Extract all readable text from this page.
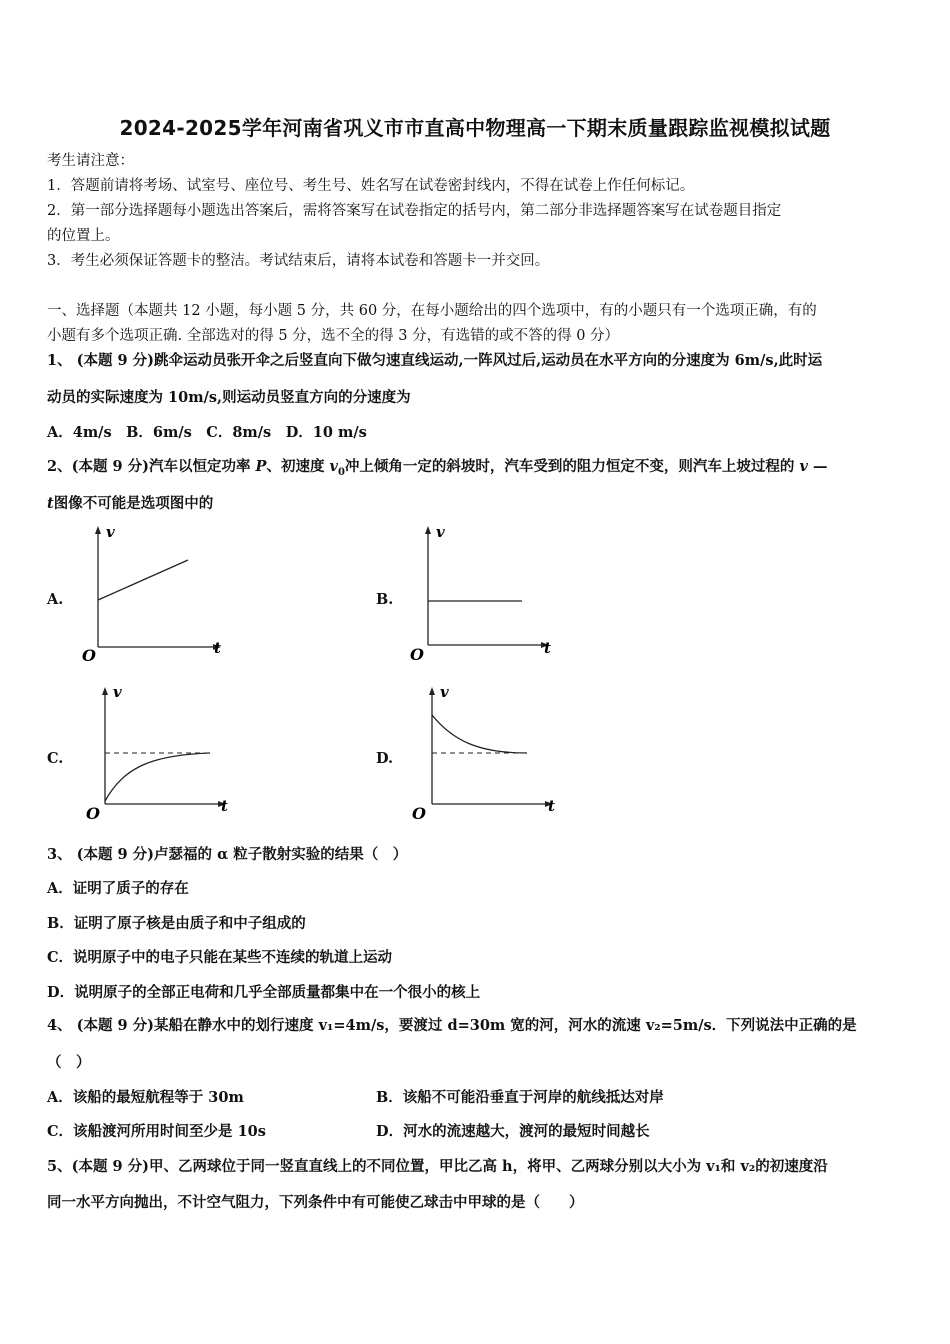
2024-2025学年河南省巩义市市直高中物理高一下期末质量跟踪监视模拟试题
考生请注意：
1．答题前请将考场、试室号、座位号、考生号、姓名写在试卷密封线内，不得在试卷上作任何标记。
2．第一部分选择题每小题选出答案后，需将答案写在试卷指定的括号内，第二部分非选择题答案写在试卷题目指定
的位置上。
3．考生必须保证答题卡的整洁。考试结束后，请将本试卷和答题卡一并交回。
一、选择题（本题共 12 小题，每小题 5 分，共 60 分，在每小题给出的四个选项中，有的小题只有一个选项正确，有的
小题有多个选项正确. 全部选对的得 5 分，选不全的得 3 分，有选错的或不答的得 0 分）
1、 (本题 9 分)跳伞运动员张开伞之后竖直向下做匀速直线运动,一阵风过后,运动员在水平方向的分速度为 6m/s,此时运
动员的实际速度为 10m/s,则运动员竖直方向的分速度为
A．4m/s　B．6m/s　C．8m/s　D．10 m/s
2、(本题 9 分)汽车以恒定功率 P、初速度 $v_0$冲上倾角一定的斜坡时，汽车受到的阻力恒定不变，则汽车上坡过程的 v —
t图像不可能是选项图中的
A.
v
t
O
B.
v
t
O
C.
v
t
O
D.
v
t
O
3、 (本题 9 分)卢瑟福的 α 粒子散射实验的结果（　）
A．证明了质子的存在
B．证明了原子核是由质子和中子组成的
C．说明原子中的电子只能在某些不连续的轨道上运动
D．说明原子的全部正电荷和几乎全部质量都集中在一个很小的核上
4、 (本题 9 分)某船在静水中的划行速度 v₁=4m/s，要渡过 d=30m 宽的河，河水的流速 v₂=5m/s．下列说法中正确的是
（　）
A．该船的最短航程等于 30m	B．该船不可能沿垂直于河岸的航线抵达对岸
C．该船渡河所用时间至少是 10s	D．河水的流速越大，渡河的最短时间越长
5、(本题 9 分)甲、乙两球位于同一竖直直线上的不同位置，甲比乙高 h，将甲、乙两球分别以大小为 v₁和 v₂的初速度沿
同一水平方向抛出，不计空气阻力，下列条件中有可能使乙球击中甲球的是（　　）
